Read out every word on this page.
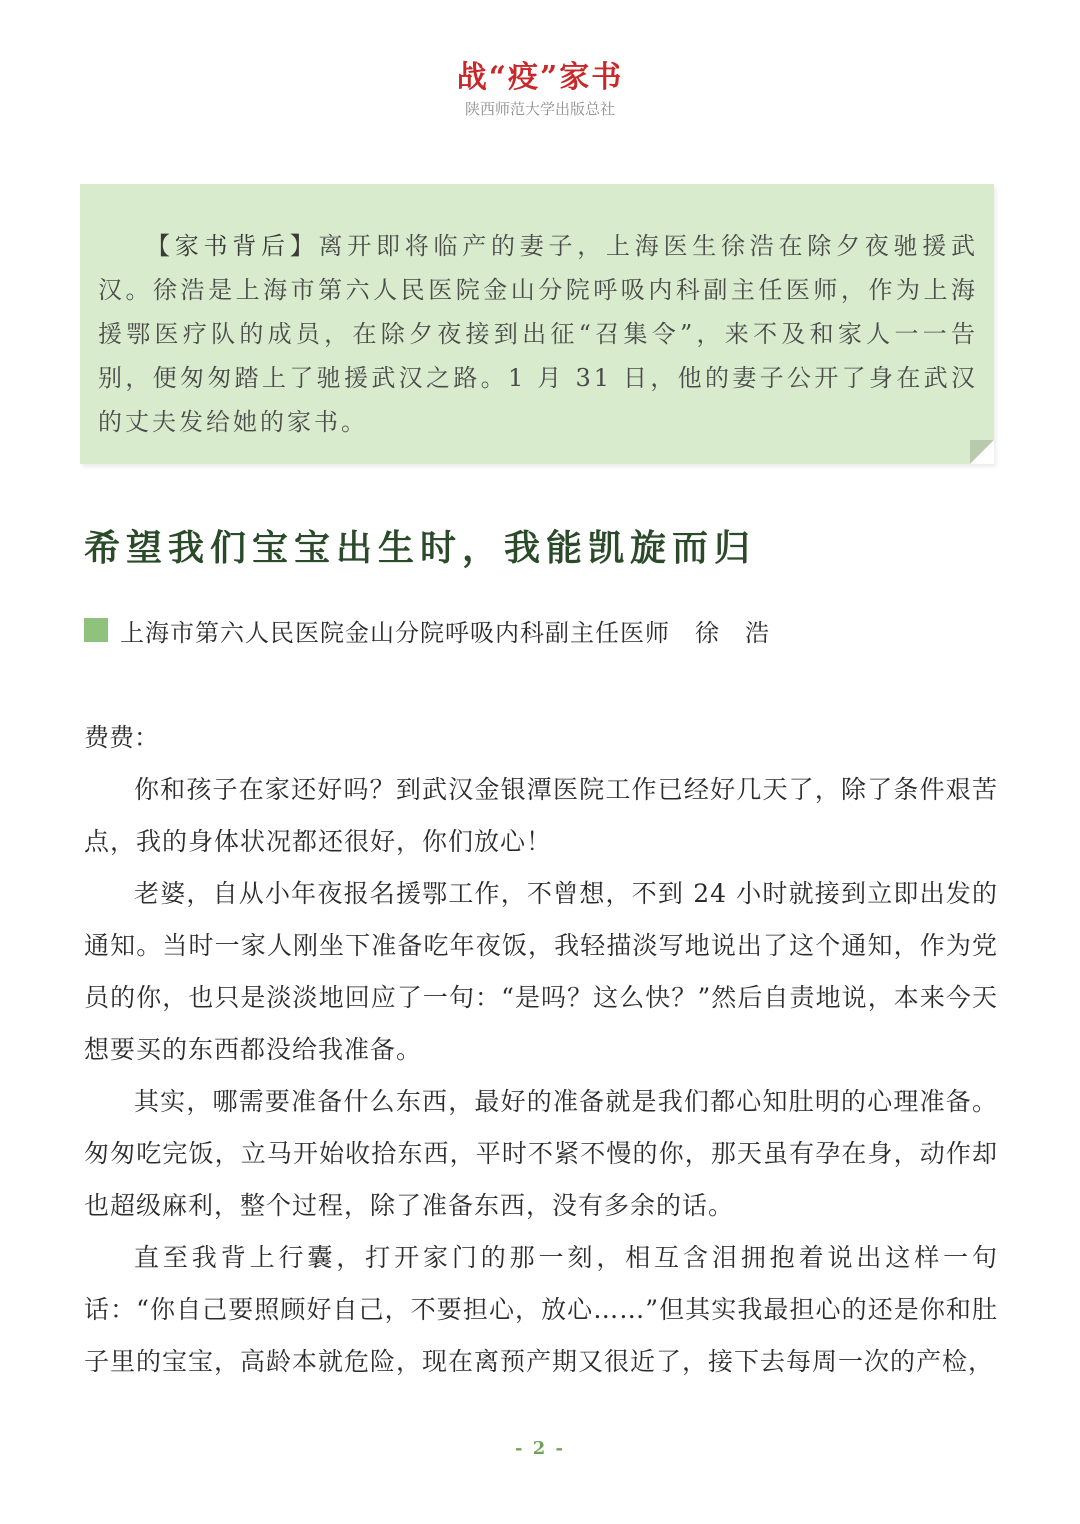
战“疫”家书
陕西师范大学出版总社
【家书背后】离开即将临产的妻子，上海医生徐浩在除夕夜驰援武汉。徐浩是上海市第六人民医院金山分院呼吸内科副主任医师，作为上海援鄂医疗队的成员，在除夕夜接到出征“召集令”，来不及和家人一一告别，便匆匆踏上了驰援武汉之路。1 月 31 日，他的妻子公开了身在武汉的丈夫发给她的家书。
希望我们宝宝出生时，我能凯旋而归
上海市第六人民医院金山分院呼吸内科副主任医师　徐　浩

费费：

你和孩子在家还好吗？到武汉金银潭医院工作已经好几天了，除了条件艰苦点，我的身体状况都还很好，你们放心！

老婆，自从小年夜报名援鄂工作，不曾想，不到 24 小时就接到立即出发的通知。当时一家人刚坐下准备吃年夜饭，我轻描淡写地说出了这个通知，作为党员的你，也只是淡淡地回应了一句：“是吗？这么快？”然后自责地说，本来今天想要买的东西都没给我准备。

其实，哪需要准备什么东西，最好的准备就是我们都心知肚明的心理准备。匆匆吃完饭，立马开始收拾东西，平时不紧不慢的你，那天虽有孕在身，动作却也超级麻利，整个过程，除了准备东西，没有多余的话。

直至我背上行囊，打开家门的那一刻，相互含泪拥抱着说出这样一句话：“你自己要照顾好自己，不要担心，放心……”但其实我最担心的还是你和肚子里的宝宝，高龄本就危险，现在离预产期又很近了，接下去每周一次的产检，

- 2 -
